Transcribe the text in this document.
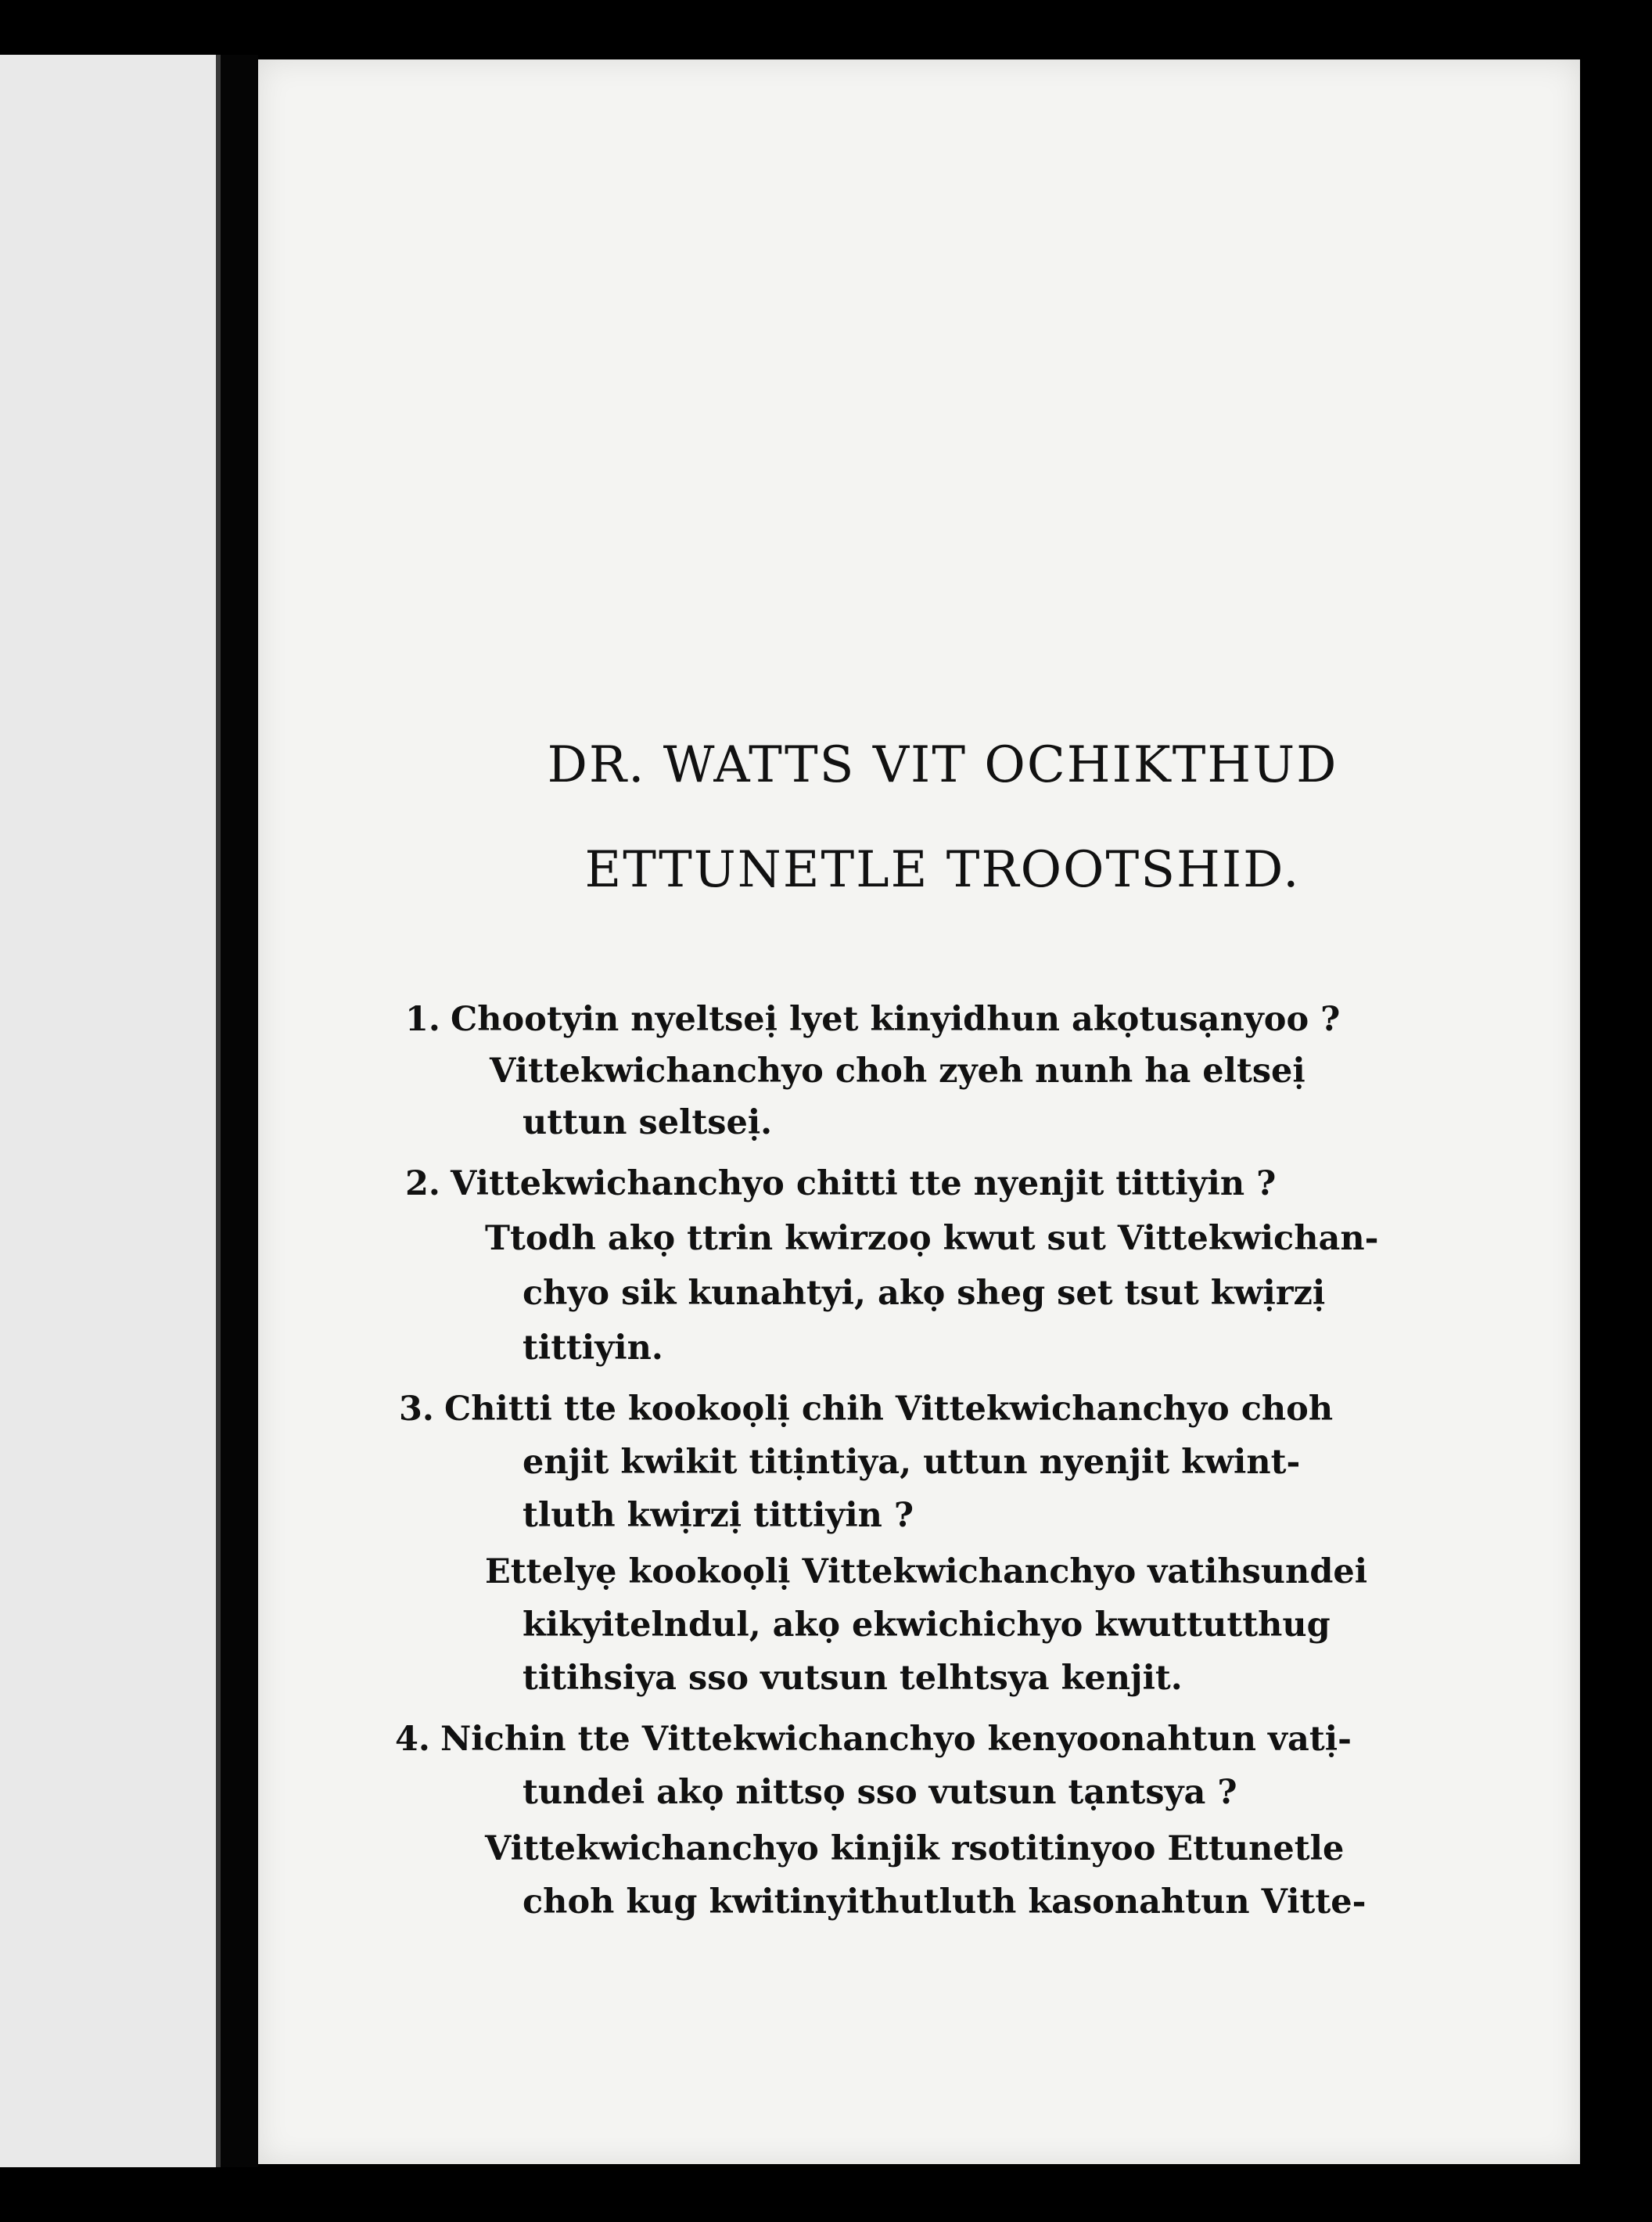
DR. WATTS VIT OCHIKTHUD
ETTUNETLE TROOTSHID.
1. Chootyin nyeltseị lyet kinyidhun akọtusạnyoo ?
Vittekwichanchyo choh zyeh nunh ha eltseị
uttun seltseị.
2. Vittekwichanchyo chitti tte nyenjit tittiyin ?
Ttodh akọ ttrin kwirzoọ kwut sut Vittekwichan-
chyo sik kunahtyi, akọ sheg set tsut kwịrzị
tittiyin.
3. Chitti tte kookoọlị chih Vittekwichanchyo choh
enjit kwikit titịntiya, uttun nyenjit kwint-
tluth kwịrzị tittiyin ?
Ettelyẹ kookoọlị Vittekwichanchyo vatihsundei
kikyitelndul, akọ ekwichichyo kwuttutthug
titihsiya sso vutsun telhtsya kenjit.
4. Nichin tte Vittekwichanchyo kenyoonahtun vatị-
tundei akọ nittsọ sso vutsun tạntsya ?
Vittekwichanchyo kinjik rsotitinyoo Ettunetle
choh kug kwitinyithutluth kasonahtun Vitte-
